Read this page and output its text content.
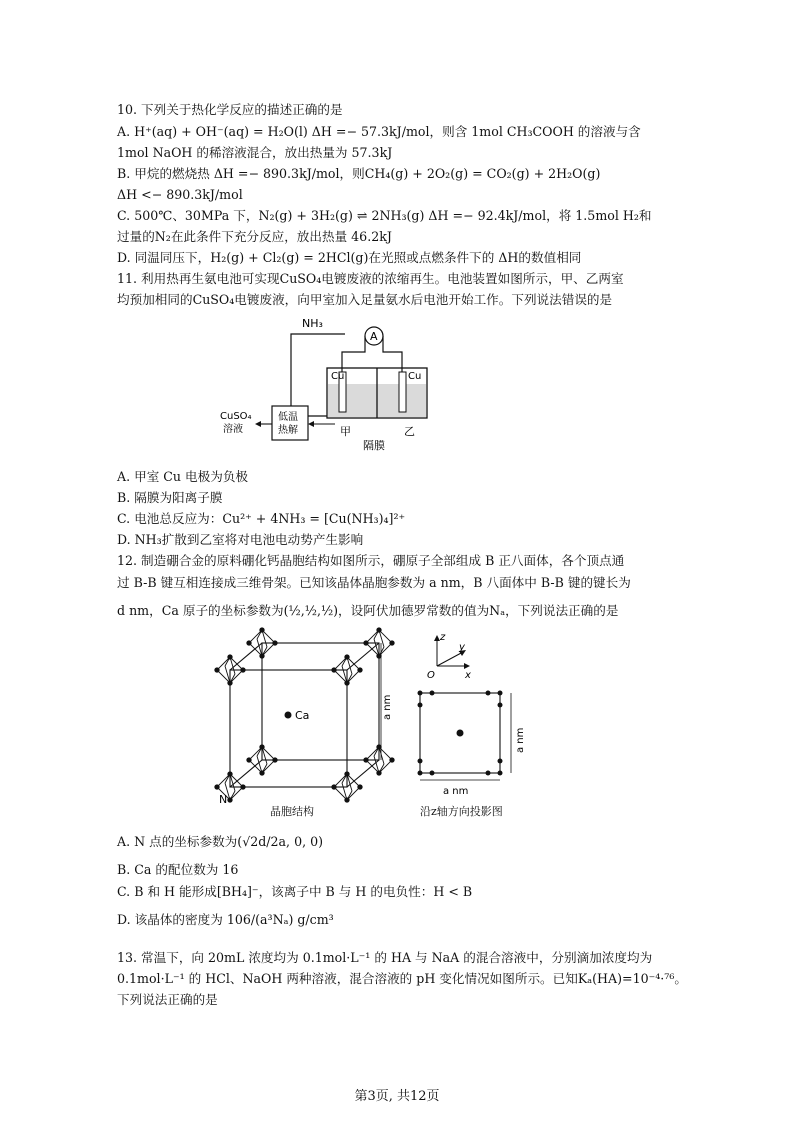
10. 下列关于热化学反应的描述正确的是
A. H⁺(aq) + OH⁻(aq) = H₂O(l) ΔH =− 57.3kJ/mol，则含 1mol CH₃COOH 的溶液与含
1mol NaOH 的稀溶液混合，放出热量为 57.3kJ
B. 甲烷的燃烧热 ΔH =− 890.3kJ/mol，则CH₄(g) + 2O₂(g) = CO₂(g) + 2H₂O(g)
ΔH <− 890.3kJ/mol
C. 500℃、30MPa 下，N₂(g) + 3H₂(g) ⇌ 2NH₃(g) ΔH =− 92.4kJ/mol，将 1.5mol H₂和
过量的N₂在此条件下充分反应，放出热量 46.2kJ
D. 同温同压下，H₂(g) + Cl₂(g) = 2HCl(g)在光照或点燃条件下的 ΔH的数值相同
11. 利用热再生氨电池可实现CuSO₄电镀废液的浓缩再生。电池装置如图所示，甲、乙两室
均预加相同的CuSO₄电镀废液，向甲室加入足量氨水后电池开始工作。下列说法错误的是
NH₃
A
Cu	Cu
低温
热解
CuSO₄
溶液	甲	乙
隔膜
A. 甲室 Cu 电极为负极
B. 隔膜为阳离子膜
C. 电池总反应为：Cu²⁺ + 4NH₃ = [Cu(NH₃)₄]²⁺
D. NH₃扩散到乙室将对电池电动势产生影响
12. 制造硼合金的原料硼化钙晶胞结构如图所示，硼原子全部组成 B 正八面体，各个顶点通
过 B-B 键互相连接成三维骨架。已知该晶体晶胞参数为 a nm，B 八面体中 B-B 键的键长为
d nm，Ca 原子的坐标参数为(½,½,½)，设阿伏加德罗常数的值为Nₐ，下列说法正确的是
Ca
N
a nm
z
y
x
O
a nm
a nm
晶胞结构	沿z轴方向投影图
A. N 点的坐标参数为(√2d/2a, 0, 0)
B. Ca 的配位数为 16
C. B 和 H 能形成[BH₄]⁻，该离子中 B 与 H 的电负性：H < B
D. 该晶体的密度为 106/(a³Nₐ) g/cm³
13. 常温下，向 20mL 浓度均为 0.1mol·L⁻¹ 的 HA 与 NaA 的混合溶液中，分别滴加浓度均为
0.1mol·L⁻¹ 的 HCl、NaOH 两种溶液，混合溶液的 pH 变化情况如图所示。已知Kₐ(HA)=10⁻⁴·⁷⁶。
下列说法正确的是
第3页, 共12页
